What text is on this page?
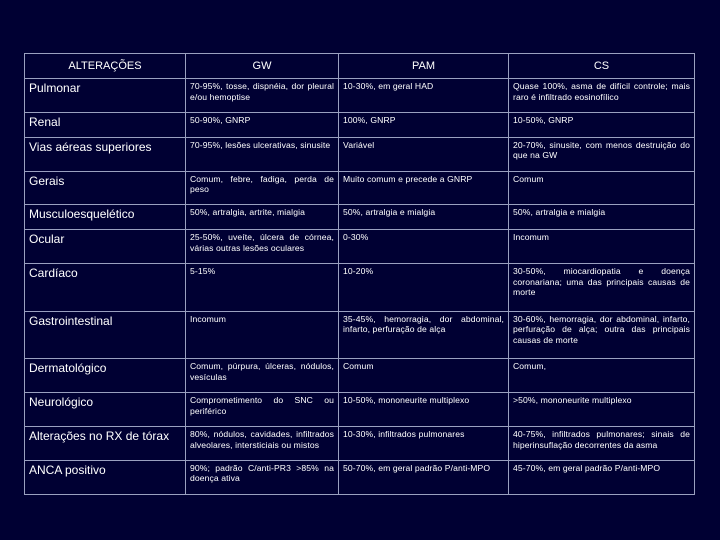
ALTERAÇÕES	GW	PAM	CS
Pulmonar	70-95%, tosse, dispnéia, dor pleural e/ou hemoptise	10-30%, em geral HAD	Quase 100%, asma de difícil controle; mais raro é infiltrado eosinofílico
Renal	50-90%, GNRP	100%, GNRP	10-50%, GNRP
Vias aéreas superiores	70-95%, lesões ulcerativas, sinusite	Variável	20-70%, sinusite, com menos destruição do que na GW
Gerais	Comum, febre, fadiga, perda de peso	Muito comum e precede a GNRP	Comum
Musculoesquelético	50%, artralgia, artrite, mialgia	50%, artralgia e mialgia	50%, artralgia e mialgia
Ocular	25-50%, uveíte, úlcera de córnea, várias outras lesões oculares	0-30%	Incomum
Cardíaco	5-15%	10-20%	30-50%, miocardiopatia e doença coronariana; uma das principais causas de morte
Gastrointestinal	Incomum	35-45%, hemorragia, dor abdominal, infarto, perfuração de alça	30-60%, hemorragia, dor abdominal, infarto, perfuração de alça; outra das principais causas de morte
Dermatológico	Comum, púrpura, úlceras, nódulos, vesículas	Comum	Comum,
Neurológico	Comprometimento do SNC ou periférico	10-50%, mononeurite multiplexo	>50%, mononeurite multiplexo
Alterações no RX de tórax	80%, nódulos, cavidades, infiltrados alveolares, intersticiais ou mistos	10-30%, infiltrados pulmonares	40-75%, infiltrados pulmonares; sinais de hiperinsuflação decorrentes da asma
ANCA positivo	90%; padrão C/anti-PR3 >85% na doença ativa	50-70%, em geral padrão P/anti-MPO	45-70%, em geral padrão P/anti-MPO
